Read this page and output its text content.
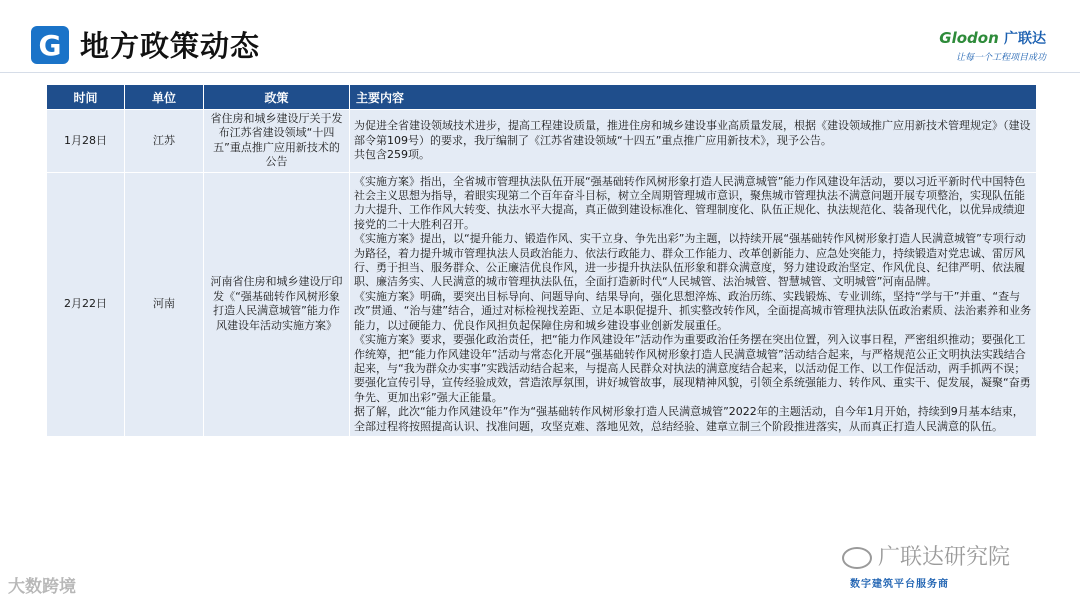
G 地方政策动态	Glodon 广联达
让每一个工程项目成功
时间	单位	政策	主要内容
1月28日	江苏	省住房和城乡建设厅关于发布江苏省建设领域“十四五”重点推广应用新技术的公告	为促进全省建设领域技术进步，提高工程建设质量，推进住房和城乡建设事业高质量发展，根据《建设领域推广应用新技术管理规定》（建设部令第109号）的要求，我厅编制了《江苏省建设领域“十四五”重点推广应用新技术》，现予公告。

共包含259项。

2月22日	河南	河南省住房和城乡建设厅印发《“强基础转作风树形象打造人民满意城管”能力作风建设年活动实施方案》	《实施方案》指出，全省城市管理执法队伍开展“强基础转作风树形象打造人民满意城管”能力作风建设年活动，要以习近平新时代中国特色社会主义思想为指导，着眼实现第二个百年奋斗目标，树立全周期管理城市意识，聚焦城市管理执法不满意问题开展专项整治，实现队伍能力大提升、工作作风大转变、执法水平大提高，真正做到建设标准化、管理制度化、队伍正规化、执法规范化、装备现代化，以优异成绩迎接党的二十大胜利召开。

《实施方案》提出，以“提升能力、锻造作风、实干立身、争先出彩”为主题，以持续开展“强基础转作风树形象打造人民满意城管”专项行动为路径，着力提升城市管理执法人员政治能力、依法行政能力、群众工作能力、改革创新能力、应急处突能力，持续锻造对党忠诚、雷厉风行、勇于担当、服务群众、公正廉洁优良作风，进一步提升执法队伍形象和群众满意度，努力建设政治坚定、作风优良、纪律严明、依法履职、廉洁务实、人民满意的城市管理执法队伍，全面打造新时代“人民城管、法治城管、智慧城管、文明城管”河南品牌。

《实施方案》明确，要突出目标导向、问题导向、结果导向，强化思想淬炼、政治历练、实践锻炼、专业训练，坚持“学与干”并重、“查与改”贯通、“治与建”结合，通过对标检视找差距、立足本职促提升、抓实整改转作风，全面提高城市管理执法队伍政治素质、法治素养和业务能力，以过硬能力、优良作风担负起保障住房和城乡建设事业创新发展重任。

《实施方案》要求，要强化政治责任，把“能力作风建设年”活动作为重要政治任务摆在突出位置，列入议事日程，严密组织推动；要强化工作统筹，把“能力作风建设年”活动与常态化开展“强基础转作风树形象打造人民满意城管”活动结合起来，与严格规范公正文明执法实践结合起来，与“我为群众办实事”实践活动结合起来，与提高人民群众对执法的满意度结合起来，以活动促工作、以工作促活动，两手抓两不误；要强化宣传引导，宣传经验成效，营造浓厚氛围，讲好城管故事，展现精神风貌，引领全系统强能力、转作风、重实干、促发展，凝聚“奋勇争先、更加出彩”强大正能量。

据了解，此次“能力作风建设年”作为“强基础转作风树形象打造人民满意城管”2022年的主题活动，自今年1月开始，持续到9月基本结束，全部过程将按照提高认识、找准问题，攻坚克难、落地见效，总结经验、建章立制三个阶段推进落实，从而真正打造人民满意的队伍。

大数跨境
广联达研究院
数字建筑平台服务商
